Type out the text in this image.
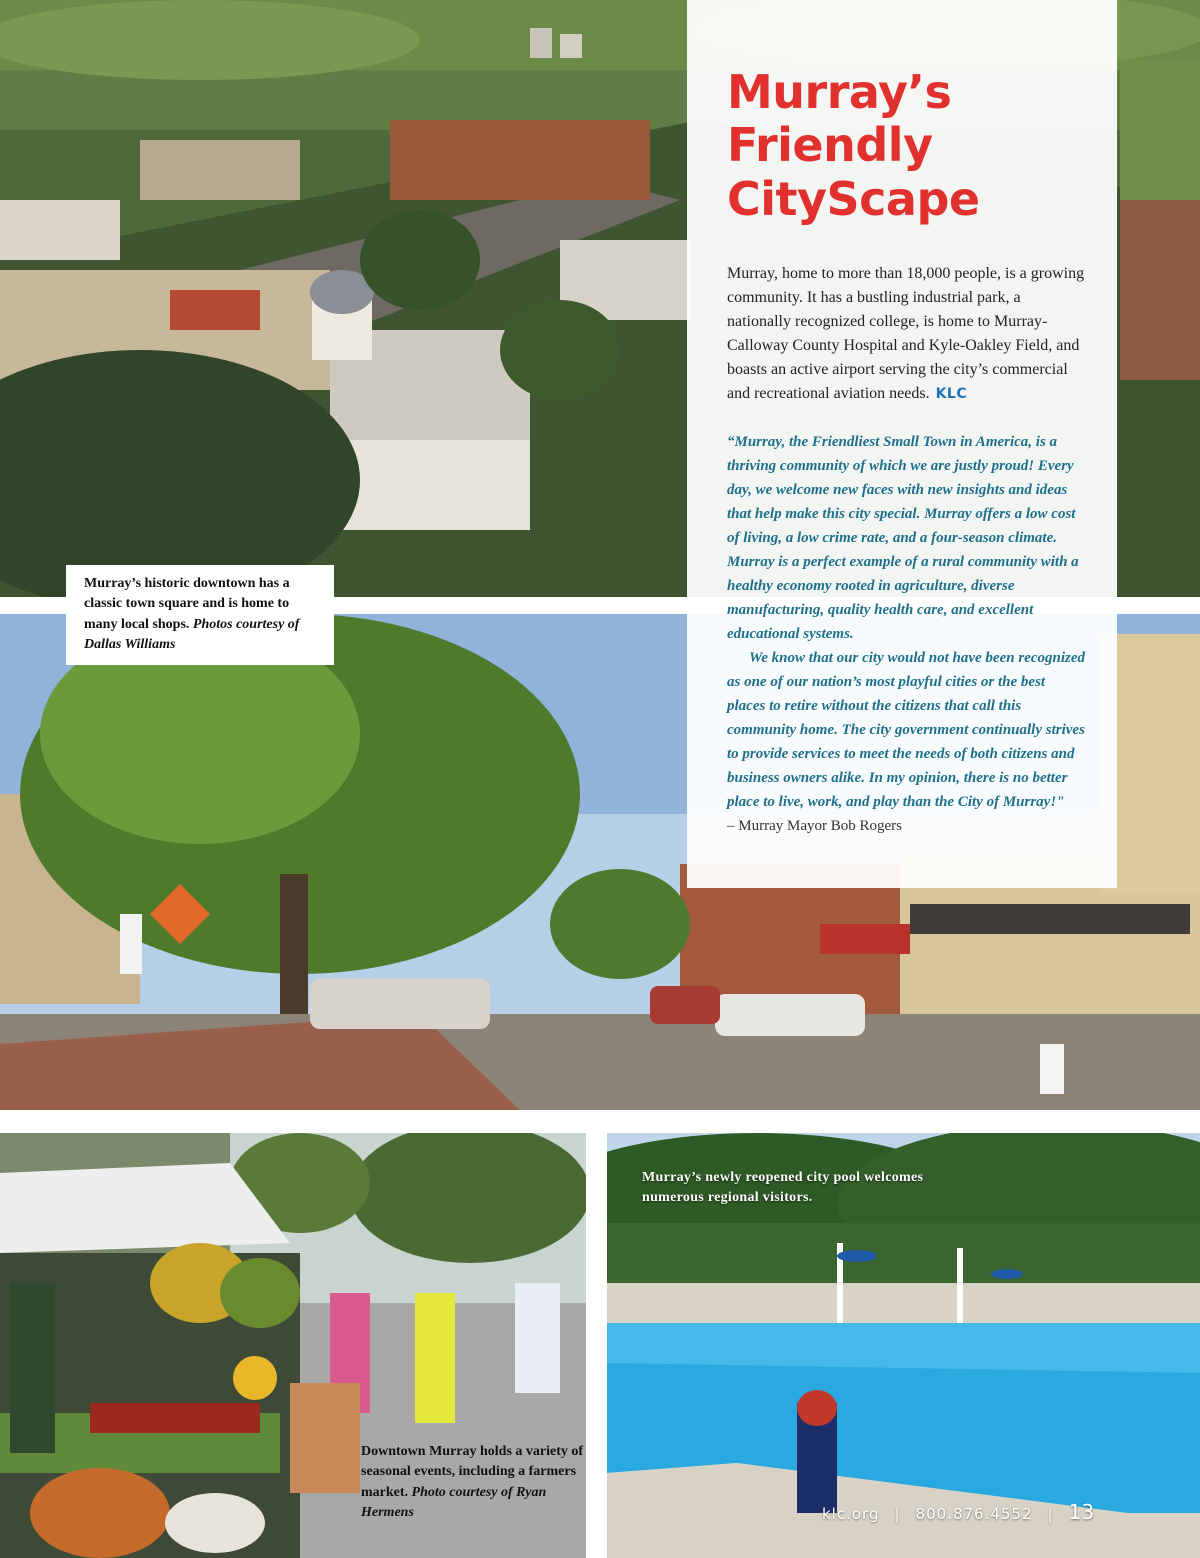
Murray’s
Friendly
CityScape

Murray, home to more than 18,000 people, is a growing community. It has a bustling industrial park, a nationally recognized college, is home to Murray-Calloway County Hospital and Kyle-Oakley Field, and boasts an active airport serving the city’s commercial and recreational aviation needs. KLC

“Murray, the Friendliest Small Town in America, is a thriving community of which we are justly proud! Every day, we welcome new faces with new insights and ideas that help make this city special. Murray offers a low cost of living, a low crime rate, and a four-season climate. Murray is a perfect example of a rural community with a healthy economy rooted in agriculture, diverse manufacturing, quality health care, and excellent educational systems.

We know that our city would not have been recognized as one of our nation’s most playful cities or the best places to retire without the citizens that call this community home. The city government continually strives to provide services to meet the needs of both citizens and business owners alike. In my opinion, there is no better place to live, work, and play than the City of Murray!"

– Murray Mayor Bob Rogers

Murray’s historic downtown has a classic town square and is home to many local shops. Photos courtesy of Dallas Williams
Downtown Murray holds a variety of seasonal events, including a farmers market. Photo courtesy of Ryan Hermens
Murray’s newly reopened city pool welcomes numerous regional visitors.
klc.org | 800.876.4552 | 13
